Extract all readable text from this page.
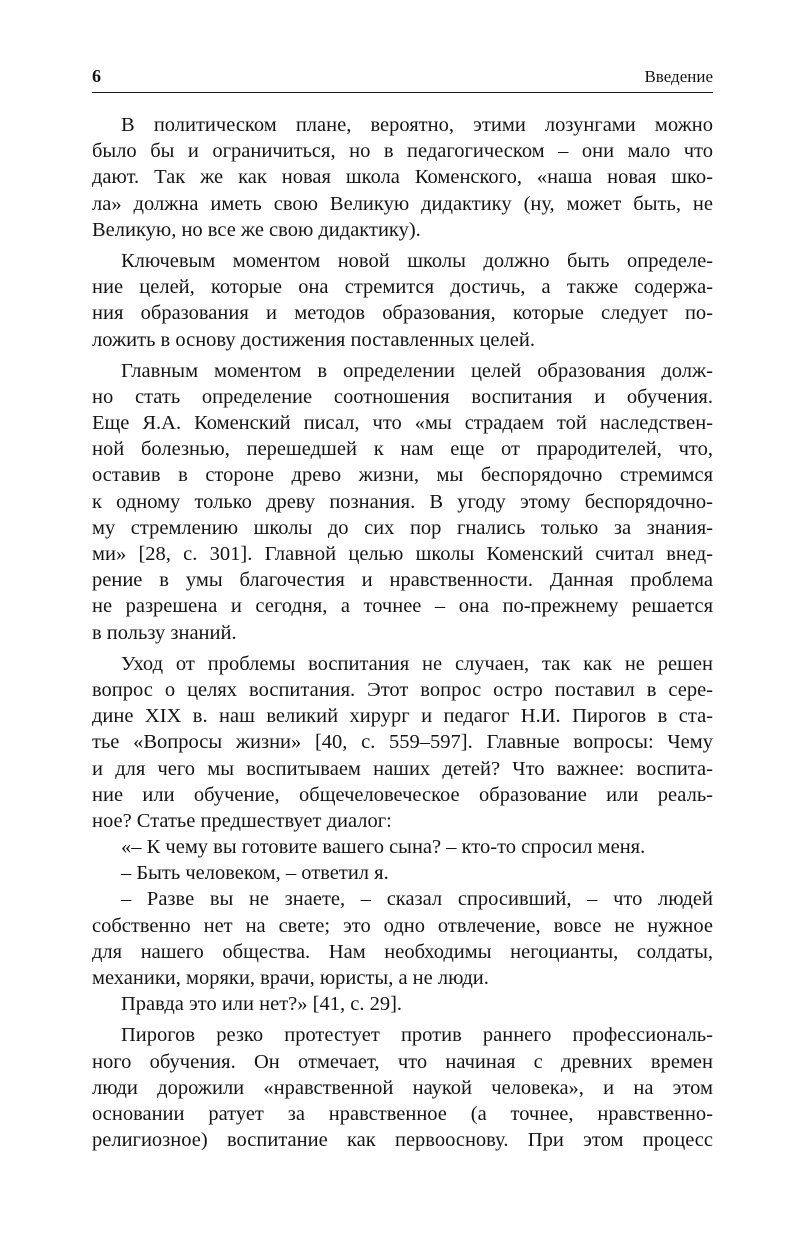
6	Введение
В политическом плане, вероятно, этими лозунгами можно
было бы и ограничиться, но в педагогическом – они мало что
дают. Так же как новая школа Коменского, «наша новая шко-
ла» должна иметь свою Великую дидактику (ну, может быть, не
Великую, но все же свою дидактику).
Ключевым моментом новой школы должно быть определе-
ние целей, которые она стремится достичь, а также содержа-
ния образования и методов образования, которые следует по-
ложить в основу достижения поставленных целей.
Главным моментом в определении целей образования долж-
но стать определение соотношения воспитания и обучения.
Еще Я.А. Коменский писал, что «мы страдаем той наследствен-
ной болезнью, перешедшей к нам еще от прародителей, что,
оставив в стороне древо жизни, мы беспорядочно стремимся
к одному только древу познания. В угоду этому беспорядочно-
му стремлению школы до сих пор гнались только за знания-
ми» [28, с. 301]. Главной целью школы Коменский считал внед-
рение в умы благочестия и нравственности. Данная проблема
не разрешена и сегодня, а точнее – она по-прежнему решается
в пользу знаний.
Уход от проблемы воспитания не случаен, так как не решен
вопрос о целях воспитания. Этот вопрос остро поставил в сере-
дине XIX в. наш великий хирург и педагог Н.И. Пирогов в ста-
тье «Вопросы жизни» [40, с. 559–597]. Главные вопросы: Чему
и для чего мы воспитываем наших детей? Что важнее: воспита-
ние или обучение, общечеловеческое образование или реаль-
ное? Статье предшествует диалог:
«– К чему вы готовите вашего сына? – кто-то спросил меня.
– Быть человеком, – ответил я.
– Разве вы не знаете, – сказал спросивший, – что людей
собственно нет на свете; это одно отвлечение, вовсе не нужное
для нашего общества. Нам необходимы негоцианты, солдаты,
механики, моряки, врачи, юристы, а не люди.
Правда это или нет?» [41, с. 29].
Пирогов резко протестует против раннего профессиональ-
ного обучения. Он отмечает, что начиная с древних времен
люди дорожили «нравственной наукой человека», и на этом
основании ратует за нравственное (а точнее, нравственно-
религиозное) воспитание как первооснову. При этом процесс
